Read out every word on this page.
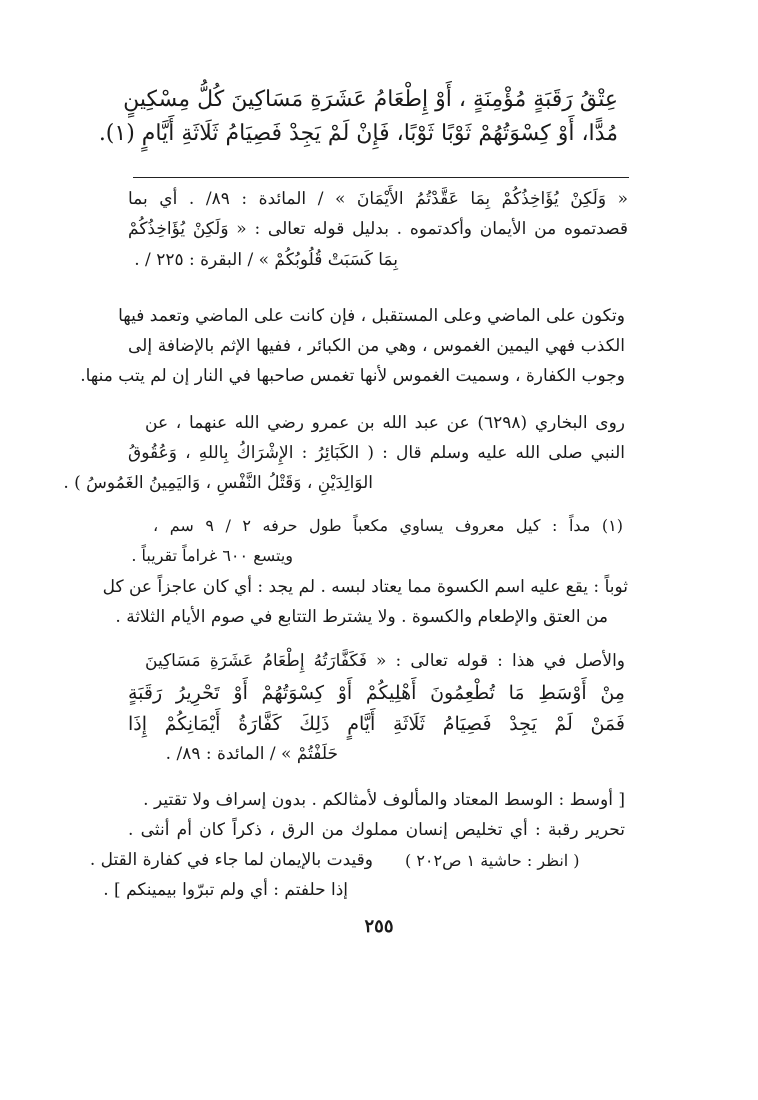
عِتْقُ رَقَبَةٍ مُؤْمِنَةٍ ، أَوْ إِطْعَامُ عَشَرَةِ مَسَاكِينَ كُلُّ مِسْكِينٍ
مُدًّا، أَوْ كِسْوَتُهُمْ ثَوْبًا ثَوْبًا، فَإِنْ لَمْ يَجِدْ فَصِيَامُ ثَلَاثَةِ أَيَّامٍ (١).
« وَلَكِنْ يُؤَاخِذُكُمْ بِمَا عَقَّدْتُمُ الأَيْمَانَ » / المائدة : ٨٩/ . أي بما
قصدتموه من الأيمان وأكدتموه . بدليل قوله تعالى : « وَلَكِنْ يُؤَاخِذُكُمْ
بِمَا كَسَبَتْ قُلُوبُكُمْ » / البقرة : ٢٢٥ / .
وتكون على الماضي وعلى المستقبل ، فإن كانت على الماضي وتعمد فيها
الكذب فهي اليمين الغموس ، وهي من الكبائر ، ففيها الإثم بالإضافة إلى
وجوب الكفارة ، وسميت الغموس لأنها تغمس صاحبها في النار إن لم يتب منها.
روى البخاري (٦٢٩٨) عن عبد الله بن عمرو رضي الله عنهما ، عن
النبي صلى الله عليه وسلم قال : ( الكَبَائِرُ : الإِشْرَاكُ بِاللهِ ، وَعُقُوقُ
الوَالِدَيْنِ ، وَقَتْلُ النَّفْسِ ، وَاليَمِينُ الغَمُوسُ ) .
(١) مداً : كيل معروف يساوي مكعباً طول حرفه ٢ / ٩ سم ،
ويتسع ٦٠٠ غراماً تقريباً .
ثوباً : يقع عليه اسم الكسوة مما يعتاد لبسه . لم يجد : أي كان عاجزاً عن كل
من العتق والإطعام والكسوة . ولا يشترط التتابع في صوم الأيام الثلاثة .
والأصل في هذا : قوله تعالى : « فَكَفَّارَتُهُ إِطْعَامُ عَشَرَةِ مَسَاكِينَ
مِنْ أَوْسَطِ مَا تُطْعِمُونَ أَهْلِيكُمْ أَوْ كِسْوَتُهُمْ أَوْ تَحْرِيرُ رَقَبَةٍ
فَمَنْ لَمْ يَجِدْ فَصِيَامُ ثَلَاثَةِ أَيَّامٍ ذَلِكَ كَفَّارَةُ أَيْمَانِكُمْ إِذَا
حَلَفْتُمْ » / المائدة : ٨٩/ .
[ أوسط : الوسط المعتاد والمألوف لأمثالكم . بدون إسراف ولا تقتير .
تحرير رقبة : أي تخليص إنسان مملوك من الرق ، ذكراً كان أم أنثى .
وقيدت بالإيمان لما جاء في كفارة القتل . ( انظر : حاشية ١ ص٢٠٢ )
إذا حلفتم : أي ولم تبرّوا بيمينكم ] .
٢٥٥
